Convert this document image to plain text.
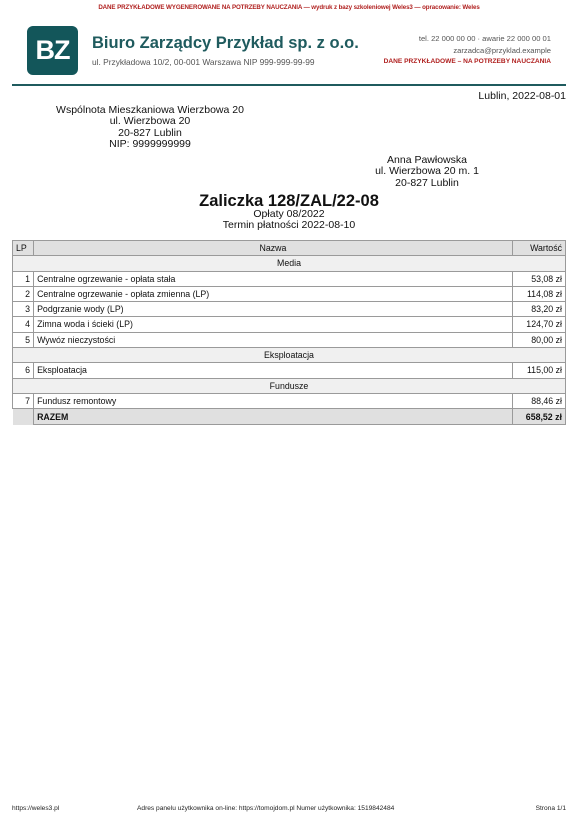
DANE PRZYKŁADOWE WYGENEROWANE NA POTRZEBY NAUCZANIA — wydruk z bazy szkoleniowej Weles3 — opracowanie: Weles
BZ	Biuro Zarządcy Przykład sp. z o.o.
ul. Przykładowa 10/2, 00-001 Warszawa NIP 999-999-99-99
tel. 22 000 00 00 · awarie 22 000 00 01
zarzadca@przyklad.example
DANE PRZYKŁADOWE – NA POTRZEBY NAUCZANIA
Lublin, 2022-08-01
Wspólnota Mieszkaniowa Wierzbowa 20
ul. Wierzbowa 20
20-827 Lublin
NIP: 9999999999
Anna Pawłowska
ul. Wierzbowa 20 m. 1
20-827 Lublin
Zaliczka 128/ZAL/22-08
Opłaty 08/2022
Termin płatności 2022-08-10
LP	Nazwa	Wartość
Media		
1	Centralne ogrzewanie - opłata stała	53,08 zł
2	Centralne ogrzewanie - opłata zmienna (LP)	114,08 zł
3	Podgrzanie wody (LP)	83,20 zł
4	Zimna woda i ścieki (LP)	124,70 zł
5	Wywóz nieczystości	80,00 zł
Eksploatacja		
6	Eksploatacja	115,00 zł
Fundusze		
7	Fundusz remontowy	88,46 zł
	RAZEM	658,52 zł
https://weles3.pl	Adres panelu użytkownika on-line: https://tomojdom.pl Numer użytkownika: 1519842484	Strona 1/1
